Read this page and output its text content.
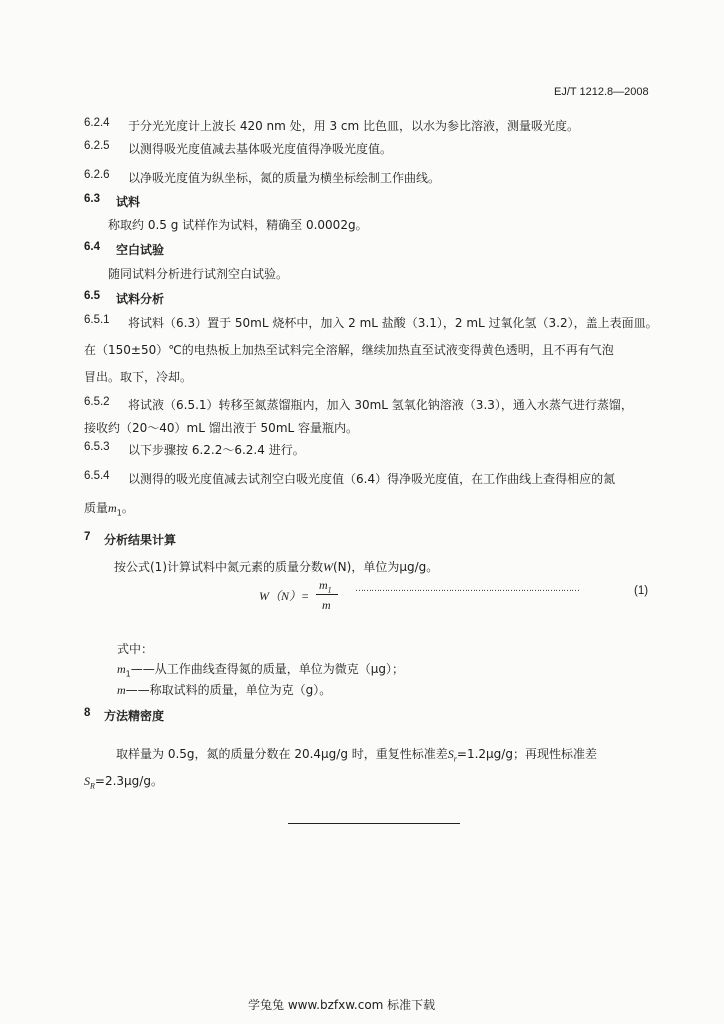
EJ/T 1212.8—2008
6.2.4 于分光光度计上波长 420 nm 处，用 3 cm 比色皿，以水为参比溶液，测量吸光度。
6.2.5 以测得吸光度值减去基体吸光度值得净吸光度值。
6.2.6 以净吸光度值为纵坐标，氮的质量为横坐标绘制工作曲线。
6.3 试料
称取约 0.5 g 试样作为试料，精确至 0.0002g。
6.4 空白试验
随同试料分析进行试剂空白试验。
6.5 试料分析
6.5.1 将试料（6.3）置于 50mL 烧杯中，加入 2 mL 盐酸（3.1），2 mL 过氧化氢（3.2），盖上表面皿。
在（150±50）℃的电热板上加热至试料完全溶解，继续加热直至试液变得黄色透明，且不再有气泡
冒出。取下，冷却。
6.5.2 将试液（6.5.1）转移至氮蒸馏瓶内，加入 30mL 氢氧化钠溶液（3.3），通入水蒸气进行蒸馏，
接收约（20～40）mL 馏出液于 50mL 容量瓶内。
6.5.3 以下步骤按 6.2.2～6.2.4 进行。
6.5.4 以测得的吸光度值减去试剂空白吸光度值（6.4）得净吸光度值，在工作曲线上查得相应的氮
质量$m_1$。
7 分析结果计算
按公式(1)计算试料中氮元素的质量分数W(N)，单位为μg/g。
W（N）=
$m_1$
m
…………………………………………………………………………	(1)
式中：
$m_1——$从工作曲线查得氮的质量，单位为微克（μg）；
m——称取试料的质量，单位为克（g）。
8 方法精密度
取样量为 0.5g，氮的质量分数在 20.4μg/g 时，重复性标准差$S_r=1.2\mu g/g$；再现性标准差
$S_R=2.3\mu g/g$。
学兔兔 www.bzfxw.com 标准下载
